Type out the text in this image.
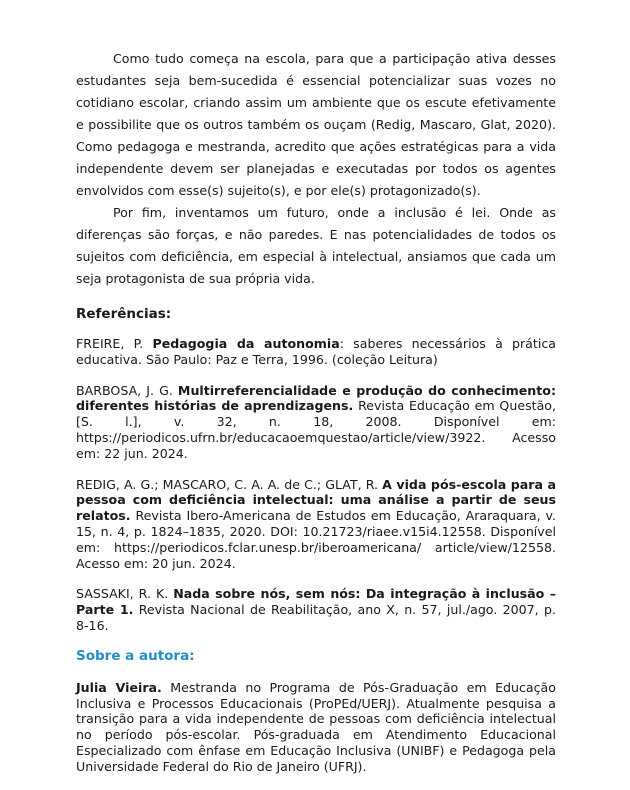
Como tudo começa na escola, para que a participação ativa desses estudantes seja bem-sucedida é essencial potencializar suas vozes no cotidiano escolar, criando assim um ambiente que os escute efetivamente e possibilite que os outros também os ouçam (Redig, Mascaro, Glat, 2020). Como pedagoga e mestranda, acredito que ações estratégicas para a vida independente devem ser planejadas e executadas por todos os agentes envolvidos com esse(s) sujeito(s), e por ele(s) protagonizado(s).

Por fim, inventamos um futuro, onde a inclusão é lei. Onde as diferenças são forças, e não paredes. E nas potencialidades de todos os sujeitos com deficiência, em especial à intelectual, ansiamos que cada um seja protagonista de sua própria vida.

Referências:

FREIRE, P. Pedagogia da autonomia: saberes necessários à prática educativa. São Paulo: Paz e Terra, 1996. (coleção Leitura)

BARBOSA, J. G. Multirreferencialidade e produção do conhecimento: diferentes histórias de aprendizagens. Revista Educação em Questão, [S. l.], v. 32, n. 18, 2008. Disponível em: https://periodicos.ufrn.br/educacaoemquestao/article/view/3922. Acesso em: 22 jun. 2024.

REDIG, A. G.; MASCARO, C. A. A. de C.; GLAT, R. A vida pós-escola para a pessoa com deficiência intelectual: uma análise a partir de seus relatos. Revista Ibero-Americana de Estudos em Educação, Araraquara, v. 15, n. 4, p. 1824–1835, 2020. DOI: 10.21723/riaee.v15i4.12558. Disponível em: https://periodicos.fclar.unesp.br/iberoamericana/ article/view/12558. Acesso em: 20 jun. 2024.

SASSAKI, R. K. Nada sobre nós, sem nós: Da integração à inclusão – Parte 1. Revista Nacional de Reabilitação, ano X, n. 57, jul./ago. 2007, p. 8-16.

Sobre a autora:

Julia Vieira. Mestranda no Programa de Pós-Graduação em Educação Inclusiva e Processos Educacionais (ProPEd/UERJ). Atualmente pesquisa a transição para a vida independente de pessoas com deficiência intelectual no período pós-escolar. Pós-graduada em Atendimento Educacional Especializado com ênfase em Educação Inclusiva (UNIBF) e Pedagoga pela Universidade Federal do Rio de Janeiro (UFRJ).
